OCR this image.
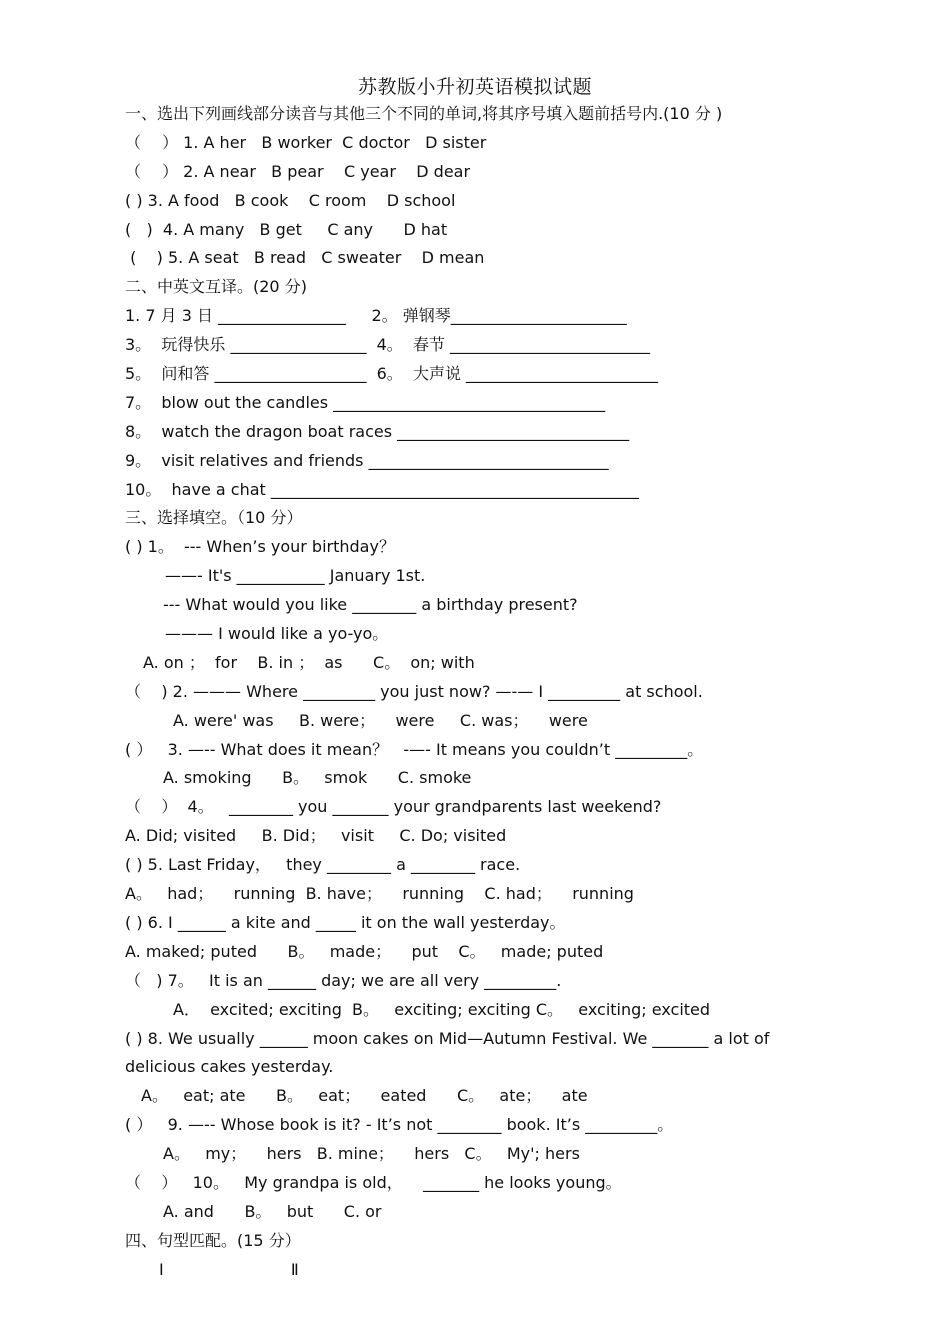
苏教版小升初英语模拟试题
一、选出下列画线部分读音与其他三个不同的单词,将其序号填入题前括号内.(10 分 )
（　 ） 1. A her   B worker  C doctor   D sister
（　 ） 2. A near   B pear    C year    D dear
( ) 3. A food   B cook    C room    D school
(   )  4. A many   B get     C any      D hat
(    ) 5. A seat   B read   C sweater    D mean
二、中英文互译。(20 分)
1. 7 月 3 日 ________________     2。 弹钢琴______________________
3。  玩得快乐 _________________  4。  春节 _________________________
5。  问和答 ___________________  6。  大声说 ________________________
7。  blow out the candles __________________________________
8。  watch the dragon boat races _____________________________
9。  visit relatives and friends ______________________________
10。  have a chat ______________________________________________
三、选择填空。（10 分）
( ) 1。  --- When’s your birthday？
——- It's ___________ January 1st.
--- What would you like ________ a birthday present?
——— I would like a yo-yo。
A. on ；  for    B. in ；  as      C。  on; with
（    ) 2. ——— Where _________ you just now? —-— I _________ at school.
A. were' was     B. were；    were     C. was；    were
( ）   3. —-- What does it mean？   -—- It means you couldn’t _________。
A. smoking      B。   smok      C. smoke
（    ）  4。   ________ you _______ your grandparents last weekend?
A. Did; visited     B. Did；   visit     C. Do; visited
( ) 5. Last Friday，   they ________ a ________ race.
A。   had；    running  B. have；    running    C. had；    running
( ) 6. I ______ a kite and _____ it on the wall yesterday。
A. maked; puted      B。   made；    put    C。   made; puted
（   ) 7。   It is an ______ day; we are all very _________.
A．  excited; exciting  B。   exciting; exciting C。   exciting; excited
( ) 8. We usually ______ moon cakes on Mid—Autumn Festival. We _______ a lot of
delicious cakes yesterday.
A。   eat; ate      B。   eat；    eated      C。   ate；    ate
( ）   9. —-- Whose book is it? - It’s not ________ book. It’s _________。
A。   my；    hers   B. mine；    hers   C。   My'; hers
（    ）   10。   My grandpa is old，    _______ he looks young。
A. and      B。   but      C. or
四、句型匹配。(15 分）
Ⅰ                         Ⅱ
